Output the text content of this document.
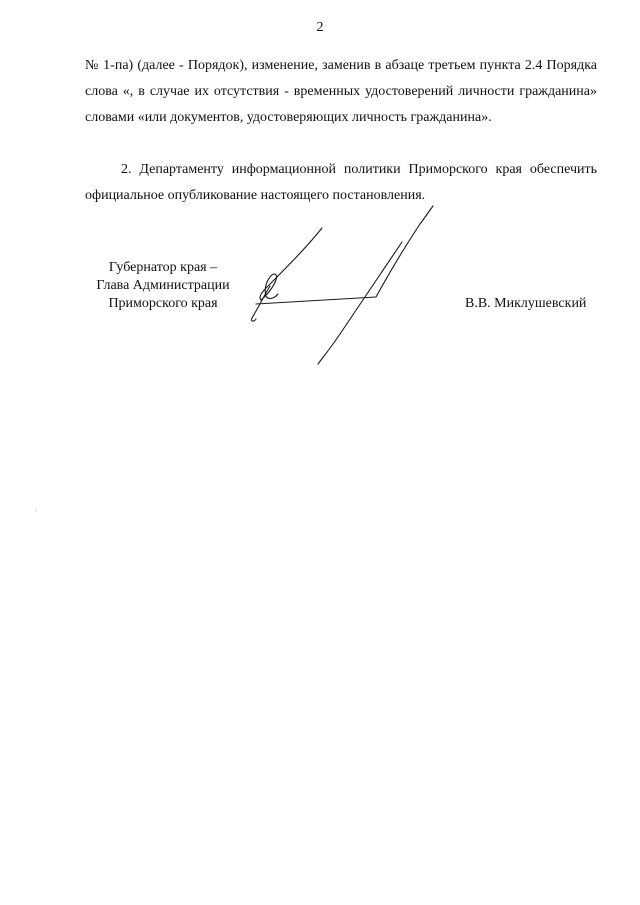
2

№ 1-па) (далее - Порядок), изменение, заменив в абзаце третьем пункта 2.4 Порядка слова «, в случае их отсутствия - временных удостоверений личности гражданина» словами «или документов, удостоверяющих личность гражданина».

2. Департаменту информационной политики Приморского края обеспечить официальное опубликование настоящего постановления.

Губернатор края –
Глава Администрации
Приморского края	В.В. Миклушевский
